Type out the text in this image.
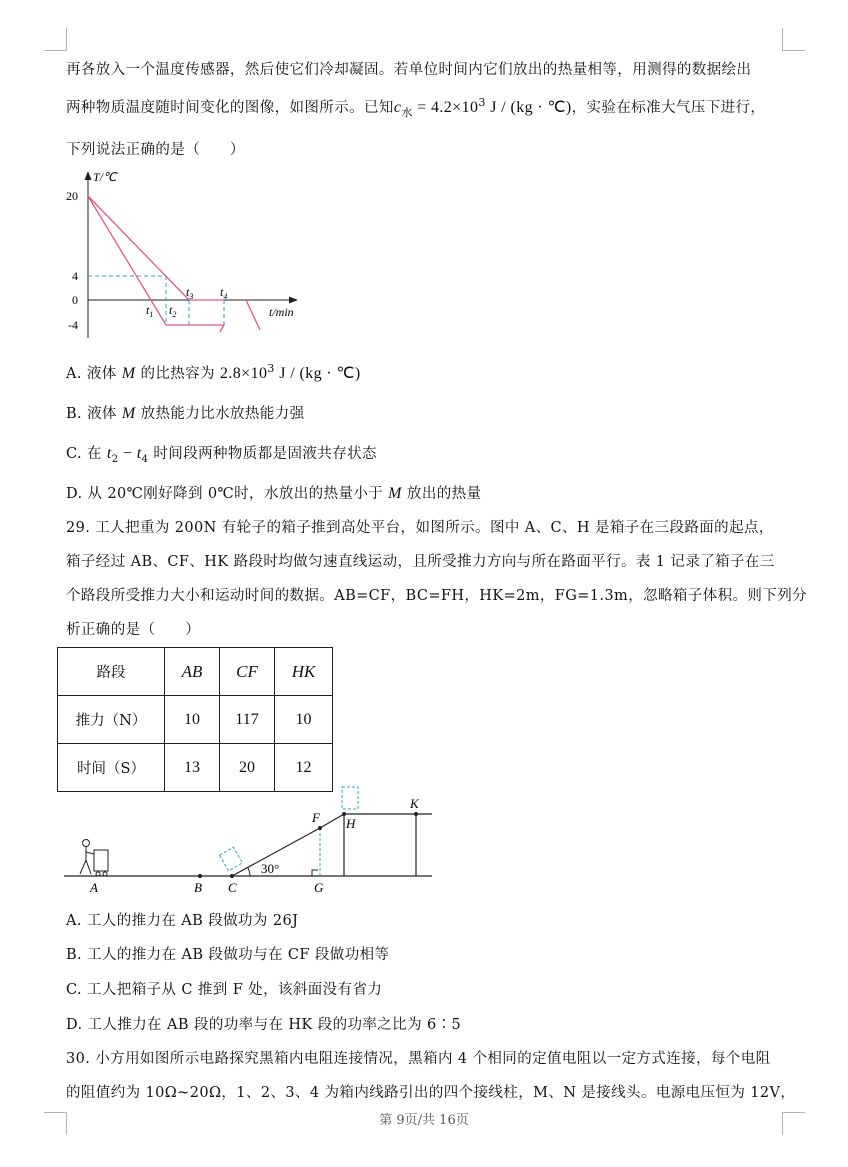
再各放入一个温度传感器，然后使它们冷却凝固。若单位时间内它们放出的热量相等，用测得的数据绘出
两种物质温度随时间变化的图像，如图所示。已知$c_水 = 4.2\times 10^3$ J / (kg · ℃)，实验在标准大气压下进行，
下列说法正确的是（　　）
T/℃
t/min
20
4
0
-4
$t_1$ $t_2$
$t_3$ $t_4$
A. 液体 M 的比热容为 $2.8\times 10^3$ J / (kg · ℃)
B. 液体 M 放热能力比水放热能力强
C. 在 $t_2 - t_4$ 时间段两种物质都是固液共存状态
D. 从 20℃刚好降到 0℃时，水放出的热量小于 M 放出的热量
29. 工人把重为 200N 有轮子的箱子推到高处平台，如图所示。图中 A、C、H 是箱子在三段路面的起点，
箱子经过 AB、CF、HK 路段时均做匀速直线运动，且所受推力方向与所在路面平行。表 1 记录了箱子在三
个路段所受推力大小和运动时间的数据。AB=CF，BC=FH，HK=2m，FG=1.3m，忽略箱子体积。则下列分
析正确的是（　　）
路段	AB	CF	HK
推力（N）	10	117	10
时间（S）	13	20	12
30°
A	B C	G
F H
K
A. 工人的推力在 AB 段做功为 26J
B. 工人的推力在 AB 段做功与在 CF 段做功相等
C. 工人把箱子从 C 推到 F 处，该斜面没有省力
D. 工人推力在 AB 段的功率与在 HK 段的功率之比为 6∶5
30. 小方用如图所示电路探究黑箱内电阻连接情况，黑箱内 4 个相同的定值电阻以一定方式连接，每个电阻
的阻值约为 10Ω~20Ω，1、2、3、4 为箱内线路引出的四个接线柱，M、N 是接线头。电源电压恒为 12V，
第 9页/共 16页
